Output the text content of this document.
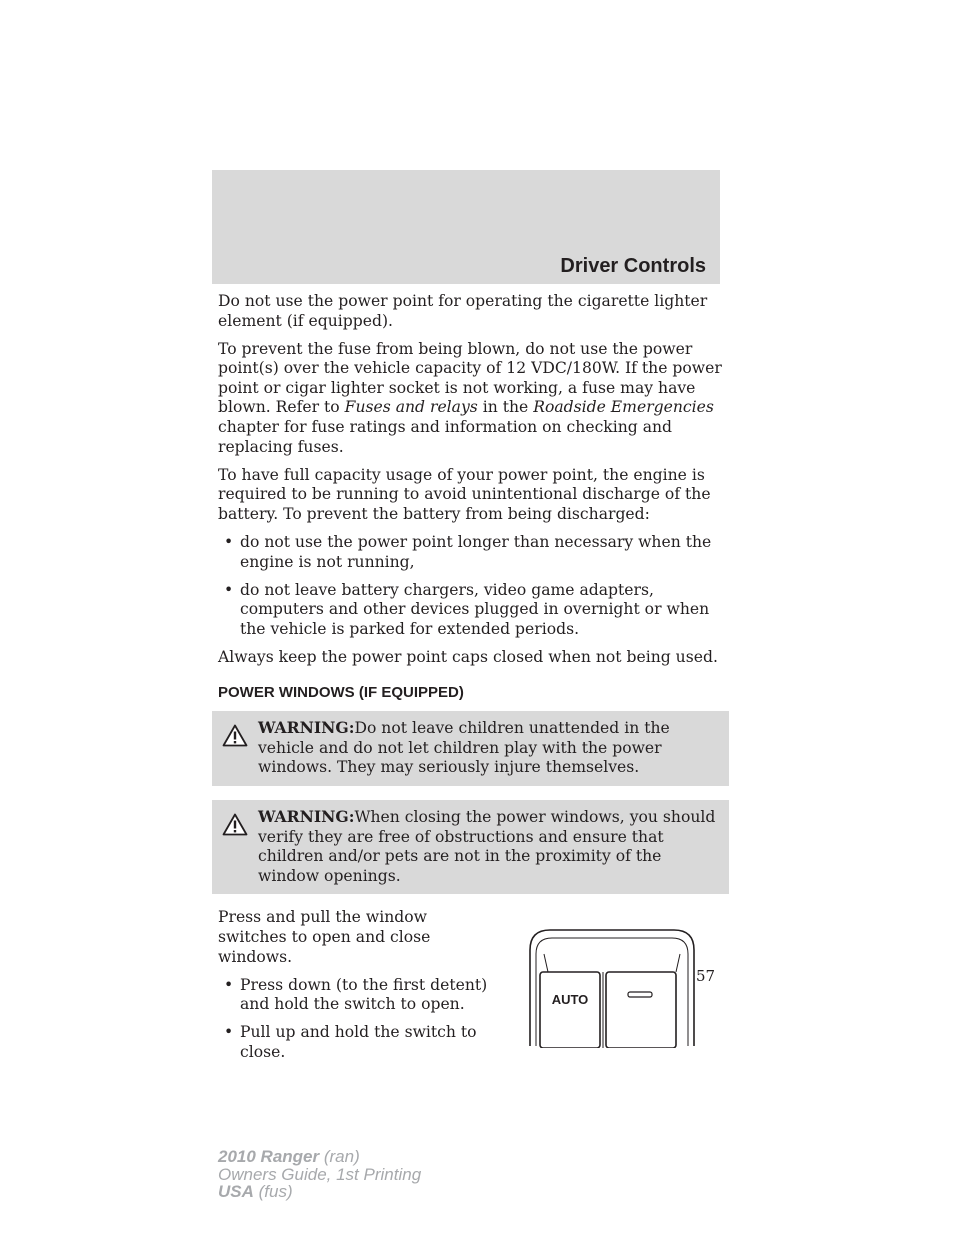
Driver Controls

Do not use the power point for operating the cigarette lighter element (if equipped).

To prevent the fuse from being blown, do not use the power point(s) over the vehicle capacity of 12 VDC/180W. If the power point or cigar lighter socket is not working, a fuse may have blown. Refer to Fuses and relays in the Roadside Emergencies chapter for fuse ratings and information on checking and replacing fuses.

To have full capacity usage of your power point, the engine is required to be running to avoid unintentional discharge of the battery. To prevent the battery from being discharged:

• do not use the power point longer than necessary when the engine is not running,
• do not leave battery chargers, video game adapters, computers and other devices plugged in overnight or when the vehicle is parked for extended periods.

Always keep the power point caps closed when not being used.

POWER WINDOWS (IF EQUIPPED)
WARNING:Do not leave children unattended in the vehicle and do not let children play with the power windows. They may seriously injure themselves.
WARNING:When closing the power windows, you should verify they are free of obstructions and ensure that children and/or pets are not in the proximity of the window openings.

Press and pull the window switches to open and close windows.

• Press down (to the first detent) and hold the switch to open.
• Pull up and hold the switch to close.
AUTO
57
2010 Ranger (ran)
Owners Guide, 1st Printing
USA (fus)
